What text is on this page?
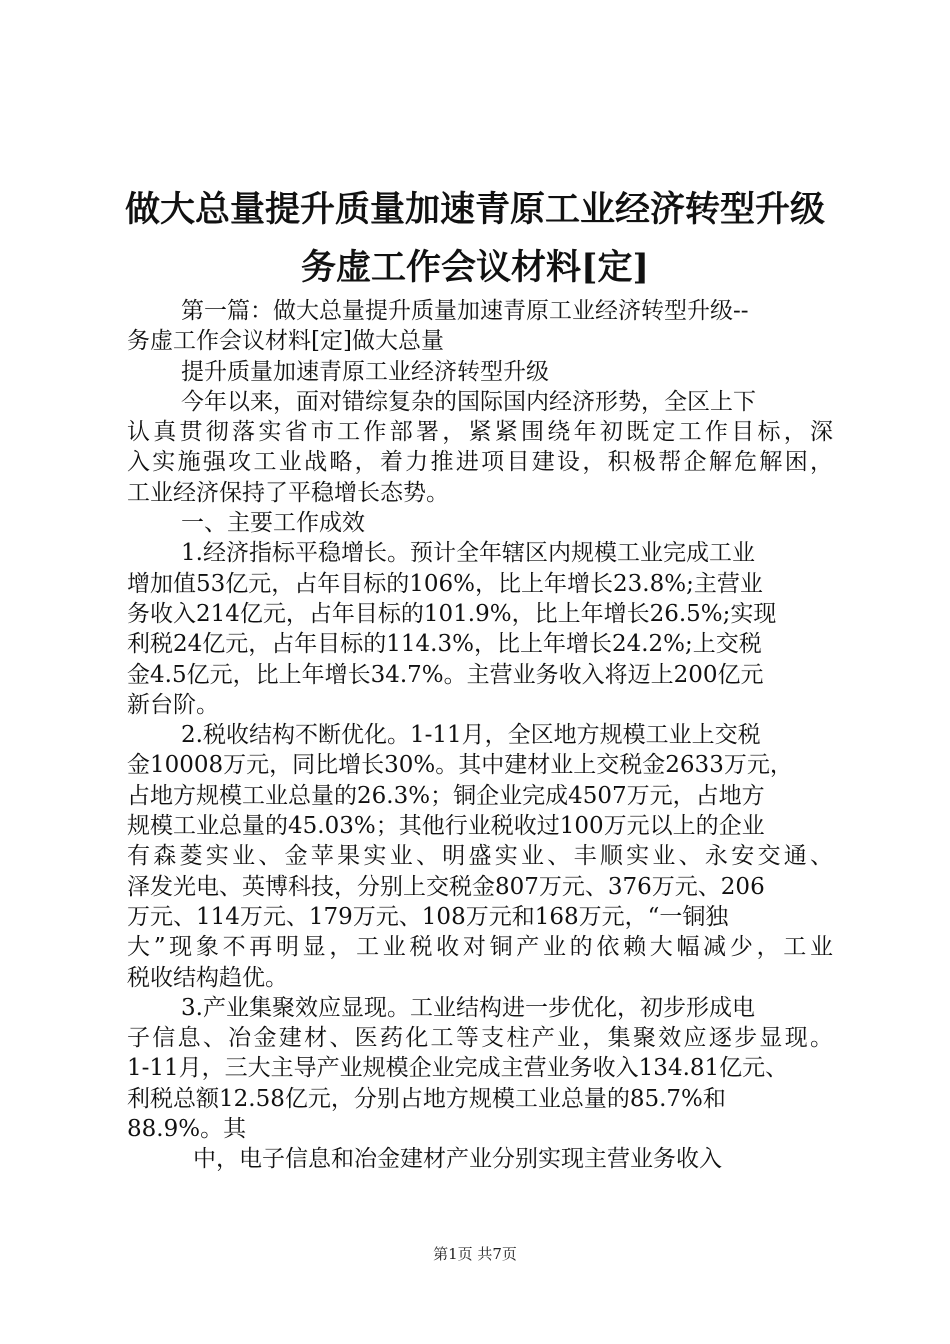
做大总量提升质量加速青原工业经济转型升级
务虚工作会议材料[定]
第一篇：做大总量提升质量加速青原工业经济转型升级--
务虚工作会议材料[定]做大总量
提升质量加速青原工业经济转型升级
今年以来，面对错综复杂的国际国内经济形势，全区上下
认真贯彻落实省市工作部署，紧紧围绕年初既定工作目标，深
入实施强攻工业战略，着力推进项目建设，积极帮企解危解困，
工业经济保持了平稳增长态势。
一、主要工作成效
1.经济指标平稳增长。预计全年辖区内规模工业完成工业
增加值53亿元，占年目标的106%，比上年增长23.8%;主营业
务收入214亿元，占年目标的101.9%，比上年增长26.5%;实现
利税24亿元，占年目标的114.3%，比上年增长24.2%;上交税
金4.5亿元，比上年增长34.7%。主营业务收入将迈上200亿元
新台阶。
2.税收结构不断优化。1-11月，全区地方规模工业上交税
金10008万元，同比增长30%。其中建材业上交税金2633万元，
占地方规模工业总量的26.3%；铜企业完成4507万元，占地方
规模工业总量的45.03%；其他行业税收过100万元以上的企业
有森菱实业、金苹果实业、明盛实业、丰顺实业、永安交通、
泽发光电、英博科技，分别上交税金807万元、376万元、206
万元、114万元、179万元、108万元和168万元，“一铜独
大”现象不再明显，工业税收对铜产业的依赖大幅减少，工业
税收结构趋优。
3.产业集聚效应显现。工业结构进一步优化，初步形成电
子信息、冶金建材、医药化工等支柱产业，集聚效应逐步显现。
1-11月，三大主导产业规模企业完成主营业务收入134.81亿元、
利税总额12.58亿元，分别占地方规模工业总量的85.7%和
88.9%。其
中，电子信息和冶金建材产业分别实现主营业务收入
第1页 共7页
